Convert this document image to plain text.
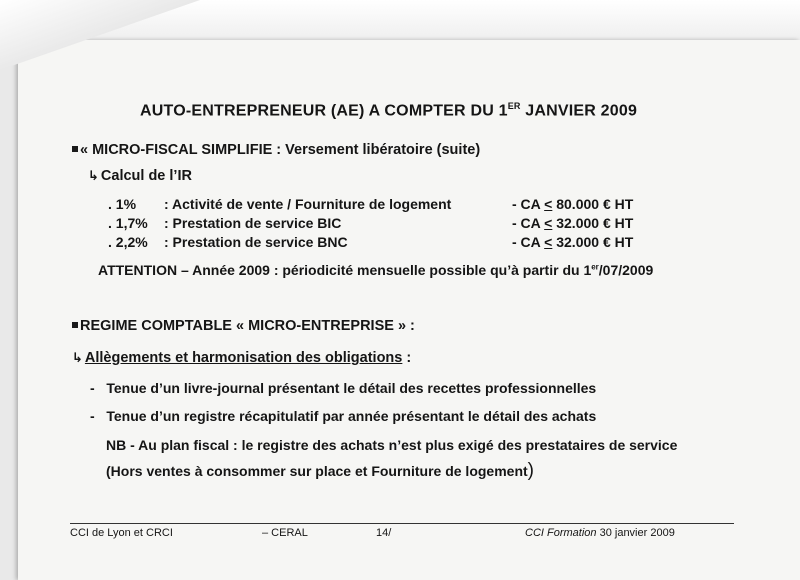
AUTO-ENTREPRENEUR (AE) A COMPTER DU 1ER JANVIER 2009
« MICRO-FISCAL SIMPLIFIE : Versement libératoire (suite)
↳ Calcul de l’IR
. 1% : Activité de vente / Fourniture de logement	- CA < 80.000 € HT
. 1,7% : Prestation de service BIC	- CA < 32.000 € HT
. 2,2% : Prestation de service BNC	- CA < 32.000 € HT
ATTENTION – Année 2009 : périodicité mensuelle possible qu’à partir du 1er/07/2009
REGIME COMPTABLE « MICRO-ENTREPRISE » :
↳ Allègements et harmonisation des obligations :
- Tenue d’un livre-journal présentant le détail des recettes professionnelles
- Tenue d’un registre récapitulatif par année présentant le détail des achats
NB - Au plan fiscal : le registre des achats n’est plus exigé des prestataires de service
(Hors ventes à consommer sur place et Fourniture de logement)
CCI de Lyon et CRCI	– CERAL	14/	CCI Formation 30 janvier 2009
